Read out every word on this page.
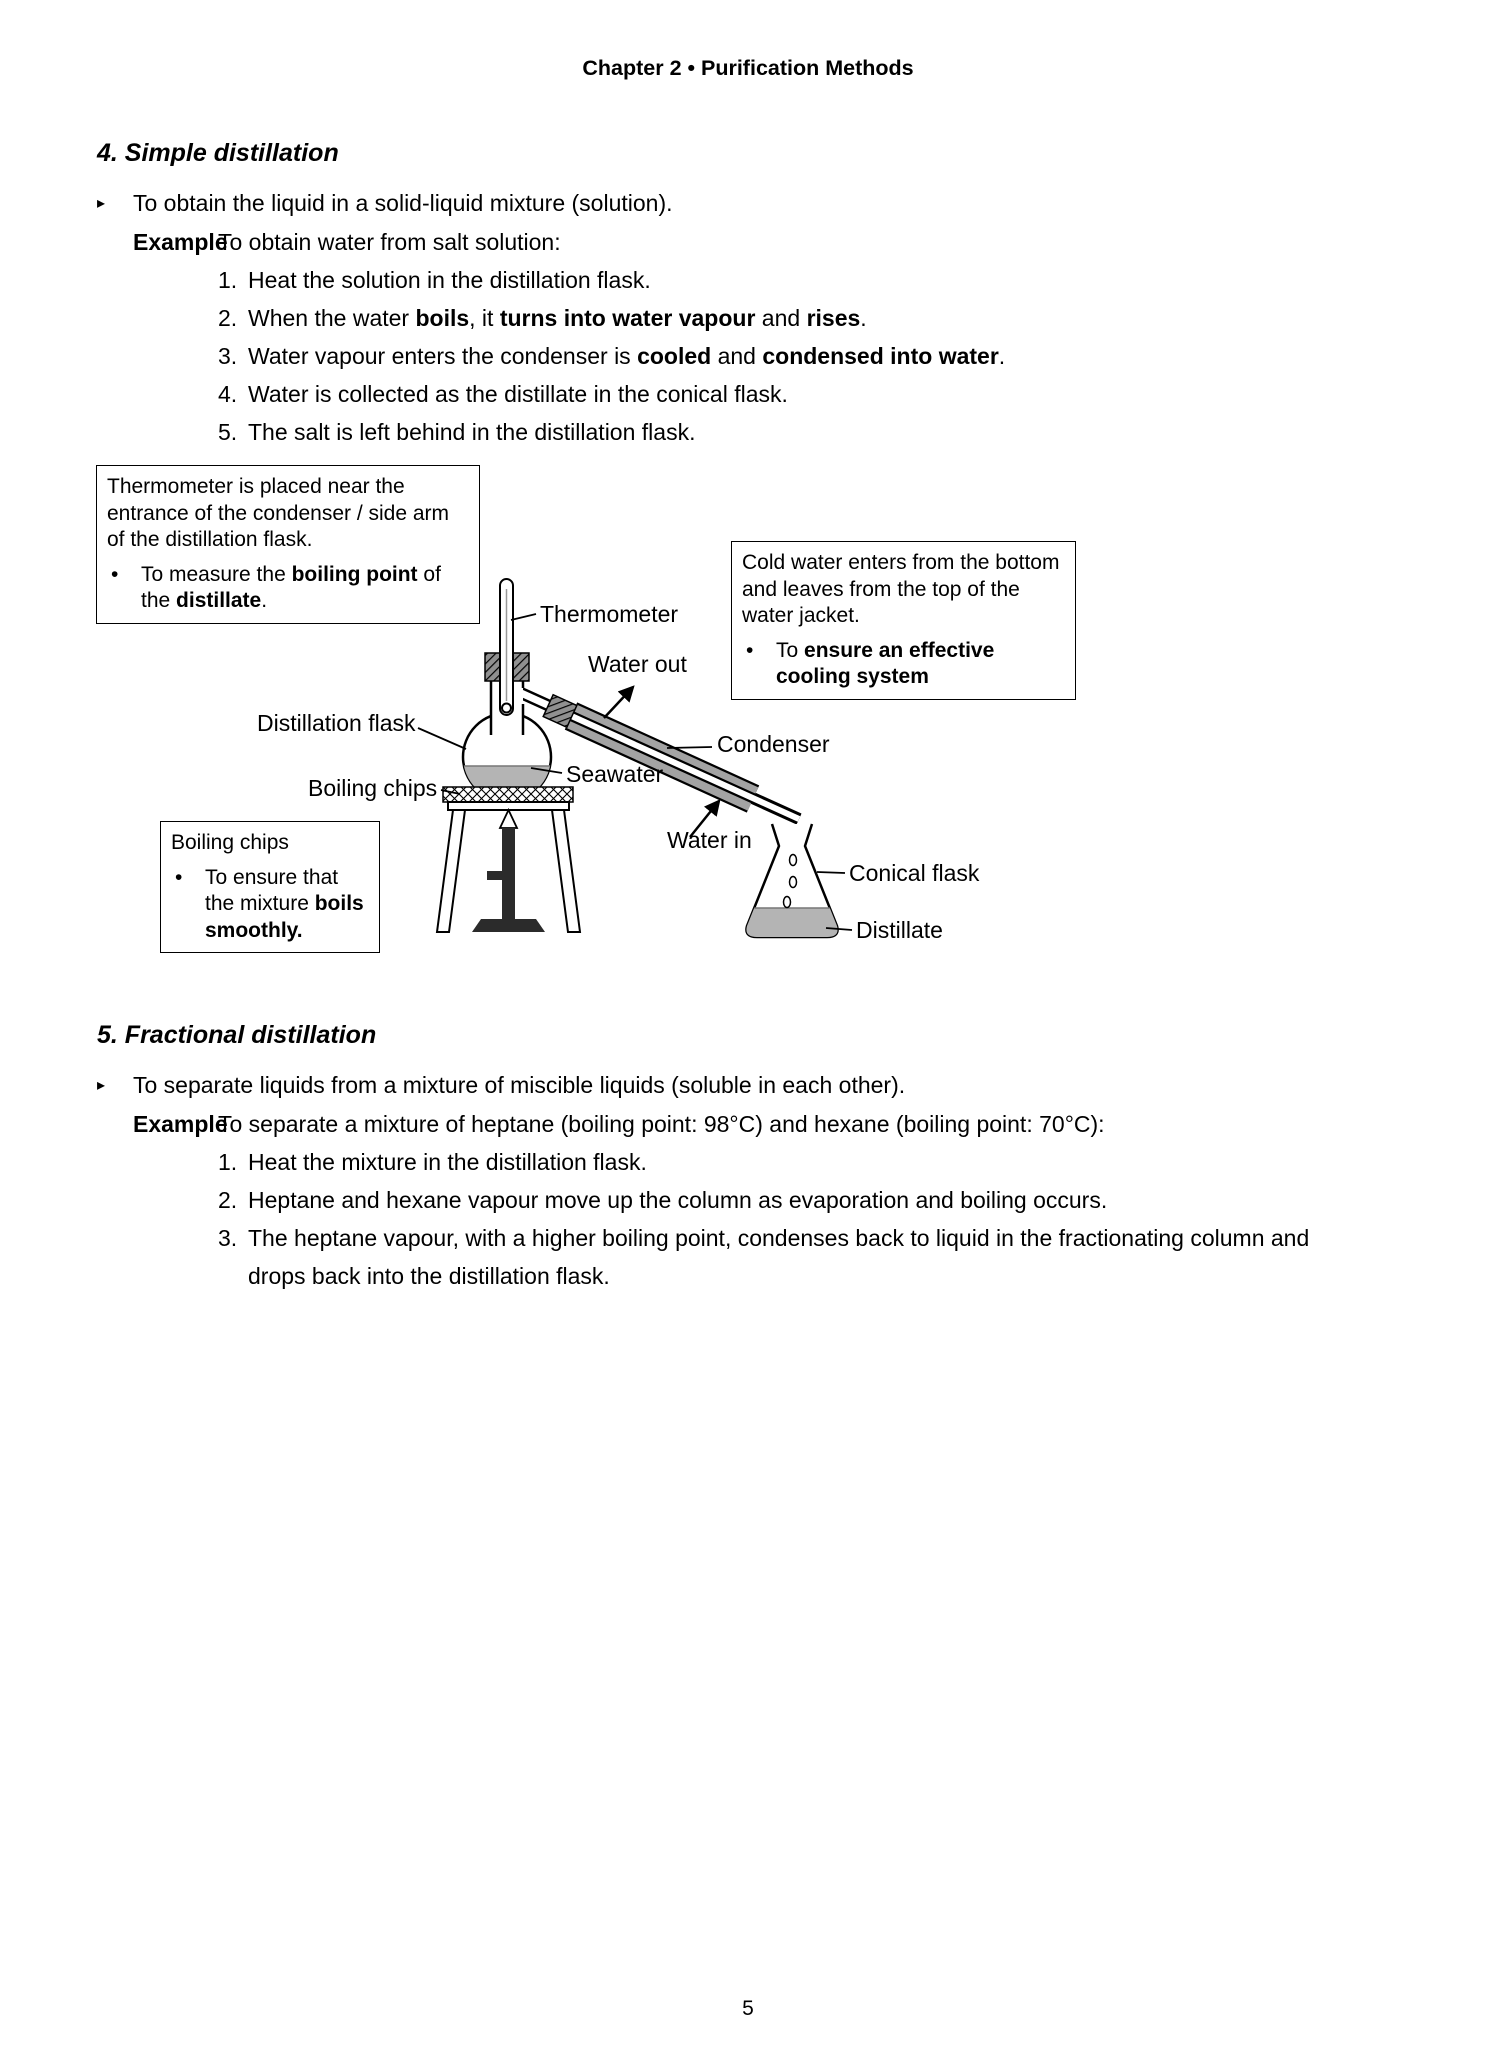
Chapter 2 • Purification Methods
4. Simple distillation
▸	To obtain the liquid in a solid-liquid mixture (solution).
Example
To obtain water from salt solution:
1. Heat the solution in the distillation flask.
2. When the water boils, it turns into water vapour and rises.
3. Water vapour enters the condenser is cooled and condensed into water.
4. Water is collected as the distillate in the conical flask.
5. The salt is left behind in the distillation flask.
Thermometer is placed near the entrance of the condenser / side arm of the distillation flask.
•	To measure the boiling point of the distillate.
Cold water enters from the bottom and leaves from the top of the water jacket.
•	To ensure an effective cooling system
Boiling chips
•	To ensure that the mixture boils smoothly.
Thermometer
Water out
Distillation flask
Condenser
Seawater
Boiling chips
Water in
Conical flask
Distillate
5. Fractional distillation
▸	To separate liquids from a mixture of miscible liquids (soluble in each other).
Example
To separate a mixture of heptane (boiling point: 98°C) and hexane (boiling point: 70°C):
1. Heat the mixture in the distillation flask.
2. Heptane and hexane vapour move up the column as evaporation and boiling occurs.
3. The heptane vapour, with a higher boiling point, condenses back to liquid in the fractionating column and drops back into the distillation flask.
5
